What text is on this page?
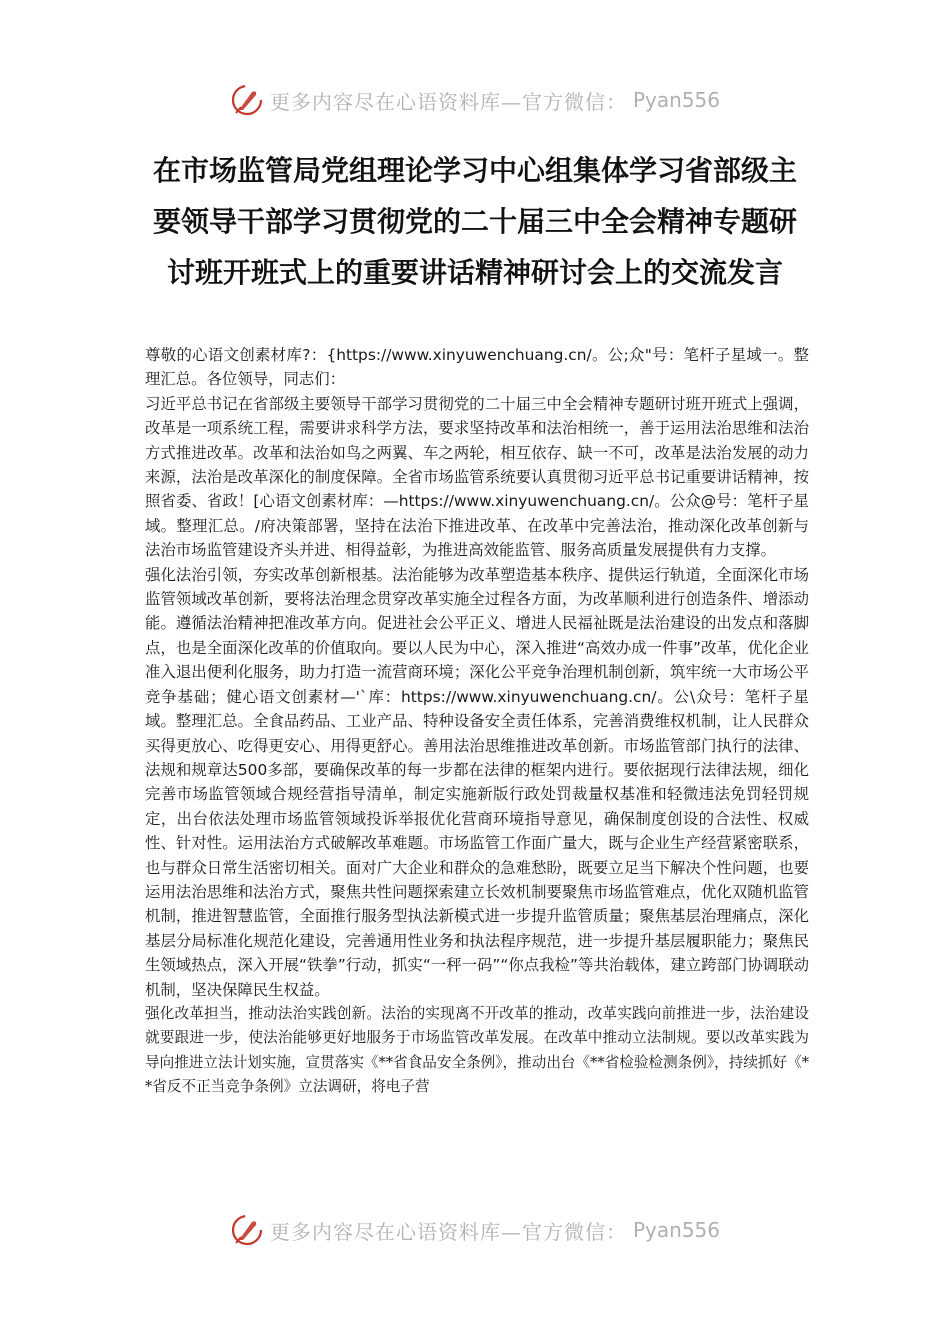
更多内容尽在心语资料库—官方微信： Pyan556
在市场监管局党组理论学习中心组集体学习省部级主要领导干部学习贯彻党的二十届三中全会精神专题研讨班开班式上的重要讲话精神研讨会上的交流发言

尊敬的心语文创素材库?：{https://www.xinyuwenchuang.cn/。公;众"号：笔杆子星域一。整理汇总。各位领导，同志们：

习近平总书记在省部级主要领导干部学习贯彻党的二十届三中全会精神专题研讨班开班式上强调，改革是一项系统工程，需要讲求科学方法，要求坚持改革和法治相统一，善于运用法治思维和法治方式推进改革。改革和法治如鸟之两翼、车之两轮，相互依存、缺一不可，改革是法治发展的动力来源，法治是改革深化的制度保障。全省市场监管系统要认真贯彻习近平总书记重要讲话精神，按照省委、省政！[心语文创素材库：—https://www.xinyuwenchuang.cn/。公众@号：笔杆子星域。整理汇总。/府决策部署，坚持在法治下推进改革、在改革中完善法治，推动深化改革创新与法治市场监管建设齐头并进、相得益彰，为推进高效能监管、服务高质量发展提供有力支撑。

强化法治引领，夯实改革创新根基。法治能够为改革塑造基本秩序、提供运行轨道，全面深化市场监管领域改革创新，要将法治理念贯穿改革实施全过程各方面，为改革顺利进行创造条件、增添动能。遵循法治精神把准改革方向。促进社会公平正义、增进人民福祉既是法治建设的出发点和落脚点，也是全面深化改革的价值取向。要以人民为中心，深入推进“高效办成一件事”改革，优化企业准入退出便利化服务，助力打造一流营商环境；深化公平竞争治理机制创新，筑牢统一大市场公平竞争基础；健心语文创素材—'`库：https://www.xinyuwenchuang.cn/。公\众号：笔杆子星域。整理汇总。全食品药品、工业产品、特种设备安全责任体系，完善消费维权机制，让人民群众买得更放心、吃得更安心、用得更舒心。善用法治思维推进改革创新。市场监管部门执行的法律、法规和规章达500多部，要确保改革的每一步都在法律的框架内进行。要依据现行法律法规，细化完善市场监管领域合规经营指导清单，制定实施新版行政处罚裁量权基准和轻微违法免罚轻罚规定，出台依法处理市场监管领域投诉举报优化营商环境指导意见，确保制度创设的合法性、权威性、针对性。运用法治方式破解改革难题。市场监管工作面广量大，既与企业生产经营紧密联系，也与群众日常生活密切相关。面对广大企业和群众的急难愁盼，既要立足当下解决个性问题，也要运用法治思维和法治方式，聚焦共性问题探索建立长效机制要聚焦市场监管难点，优化双随机监管机制，推进智慧监管，全面推行服务型执法新模式进一步提升监管质量；聚焦基层治理痛点，深化基层分局标准化规范化建设，完善通用性业务和执法程序规范，进一步提升基层履职能力；聚焦民生领域热点，深入开展“铁拳”行动，抓实“一秤一码”“你点我检”等共治载体，建立跨部门协调联动机制，坚决保障民生权益。

强化改革担当，推动法治实践创新。法治的实现离不开改革的推动，改革实践向前推进一步，法治建设就要跟进一步，使法治能够更好地服务于市场监管改革发展。在改革中推动立法制规。要以改革实践为导向推进立法计划实施，宣贯落实《**省食品安全条例》，推动出台《**省检验检测条例》，持续抓好《**省反不正当竞争条例》立法调研，将电子营

更多内容尽在心语资料库—官方微信： Pyan556
